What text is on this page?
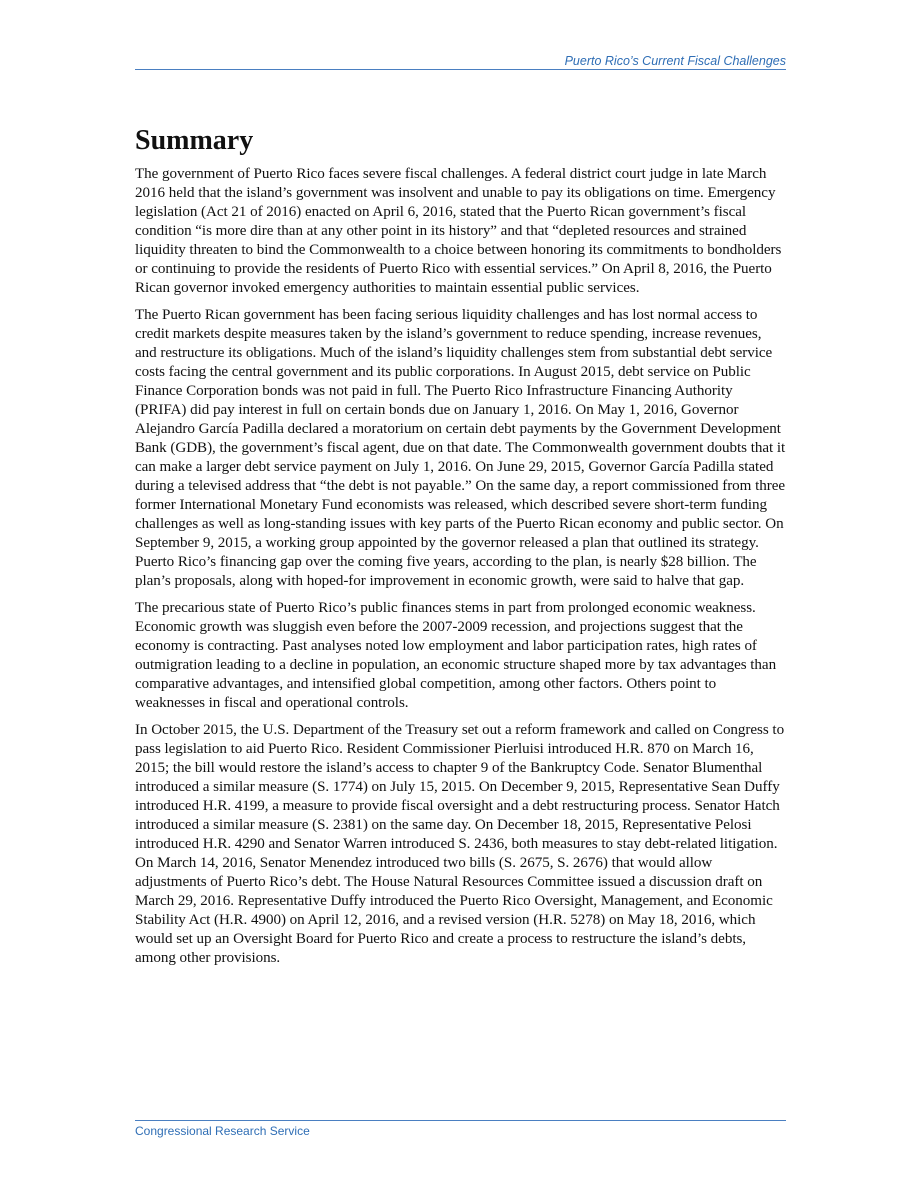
Puerto Rico’s Current Fiscal Challenges
Summary

The government of Puerto Rico faces severe fiscal challenges. A federal district court judge in late March 2016 held that the island’s government was insolvent and unable to pay its obligations on time. Emergency legislation (Act 21 of 2016) enacted on April 6, 2016, stated that the Puerto Rican government’s fiscal condition “is more dire than at any other point in its history” and that “depleted resources and strained liquidity threaten to bind the Commonwealth to a choice between honoring its commitments to bondholders or continuing to provide the residents of Puerto Rico with essential services.” On April 8, 2016, the Puerto Rican governor invoked emergency authorities to maintain essential public services.

The Puerto Rican government has been facing serious liquidity challenges and has lost normal access to credit markets despite measures taken by the island’s government to reduce spending, increase revenues, and restructure its obligations. Much of the island’s liquidity challenges stem from substantial debt service costs facing the central government and its public corporations. In August 2015, debt service on Public Finance Corporation bonds was not paid in full. The Puerto Rico Infrastructure Financing Authority (PRIFA) did pay interest in full on certain bonds due on January 1, 2016. On May 1, 2016, Governor Alejandro García Padilla declared a moratorium on certain debt payments by the Government Development Bank (GDB), the government’s fiscal agent, due on that date. The Commonwealth government doubts that it can make a larger debt service payment on July 1, 2016. On June 29, 2015, Governor García Padilla stated during a televised address that “the debt is not payable.” On the same day, a report commissioned from three former International Monetary Fund economists was released, which described severe short-term funding challenges as well as long-standing issues with key parts of the Puerto Rican economy and public sector. On September 9, 2015, a working group appointed by the governor released a plan that outlined its strategy. Puerto Rico’s financing gap over the coming five years, according to the plan, is nearly $28 billion. The plan’s proposals, along with hoped-for improvement in economic growth, were said to halve that gap.

The precarious state of Puerto Rico’s public finances stems in part from prolonged economic weakness. Economic growth was sluggish even before the 2007-2009 recession, and projections suggest that the economy is contracting. Past analyses noted low employment and labor participation rates, high rates of outmigration leading to a decline in population, an economic structure shaped more by tax advantages than comparative advantages, and intensified global competition, among other factors. Others point to weaknesses in fiscal and operational controls.

In October 2015, the U.S. Department of the Treasury set out a reform framework and called on Congress to pass legislation to aid Puerto Rico. Resident Commissioner Pierluisi introduced H.R. 870 on March 16, 2015; the bill would restore the island’s access to chapter 9 of the Bankruptcy Code. Senator Blumenthal introduced a similar measure (S. 1774) on July 15, 2015. On December 9, 2015, Representative Sean Duffy introduced H.R. 4199, a measure to provide fiscal oversight and a debt restructuring process. Senator Hatch introduced a similar measure (S. 2381) on the same day. On December 18, 2015, Representative Pelosi introduced H.R. 4290 and Senator Warren introduced S. 2436, both measures to stay debt-related litigation. On March 14, 2016, Senator Menendez introduced two bills (S. 2675, S. 2676) that would allow adjustments of Puerto Rico’s debt. The House Natural Resources Committee issued a discussion draft on March 29, 2016. Representative Duffy introduced the Puerto Rico Oversight, Management, and Economic Stability Act (H.R. 4900) on April 12, 2016, and a revised version (H.R. 5278) on May 18, 2016, which would set up an Oversight Board for Puerto Rico and create a process to restructure the island’s debts, among other provisions.

Congressional Research Service
